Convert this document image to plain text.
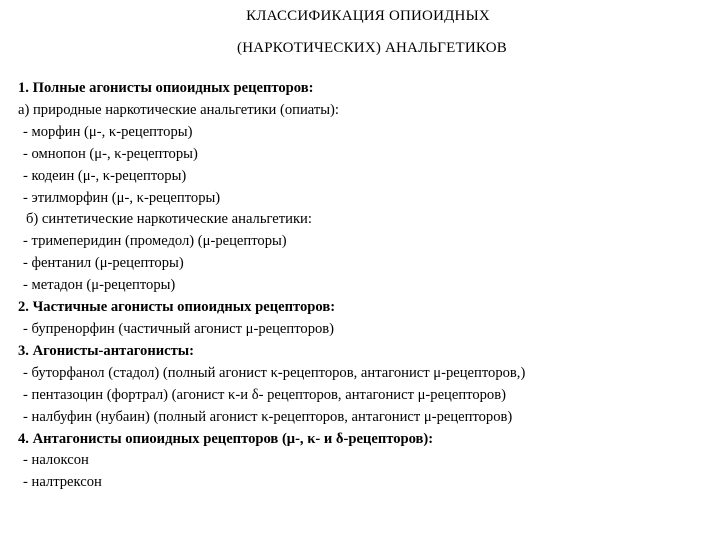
КЛАССИФИКАЦИЯ ОПИОИДНЫХ
(НАРКОТИЧЕСКИХ) АНАЛЬГЕТИКОВ
1. Полные агонисты опиоидных рецепторов:
а) природные наркотические анальгетики (опиаты):
- морфин (μ-, κ-рецепторы)
- омнопон (μ-, κ-рецепторы)
- кодеин (μ-, κ-рецепторы)
- этилморфин (μ-, κ-рецепторы)
б) синтетические наркотические анальгетики:
- тримеперидин (промедол) (μ-рецепторы)
- фентанил (μ-рецепторы)
- метадон (μ-рецепторы)
2. Частичные агонисты опиоидных рецепторов:
- бупренорфин (частичный агонист μ-рецепторов)
3. Агонисты-антагонисты:
- буторфанол (стадол) (полный агонист κ-рецепторов, антагонист μ-рецепторов,)
- пентазоцин (фортрал) (агонист κ-и δ- рецепторов, антагонист μ-рецепторов)
- налбуфин (нубаин) (полный агонист κ-рецепторов, антагонист μ-рецепторов)
4. Антагонисты опиоидных рецепторов (μ-, κ- и δ-рецепторов):
- налоксон
- налтрексон
